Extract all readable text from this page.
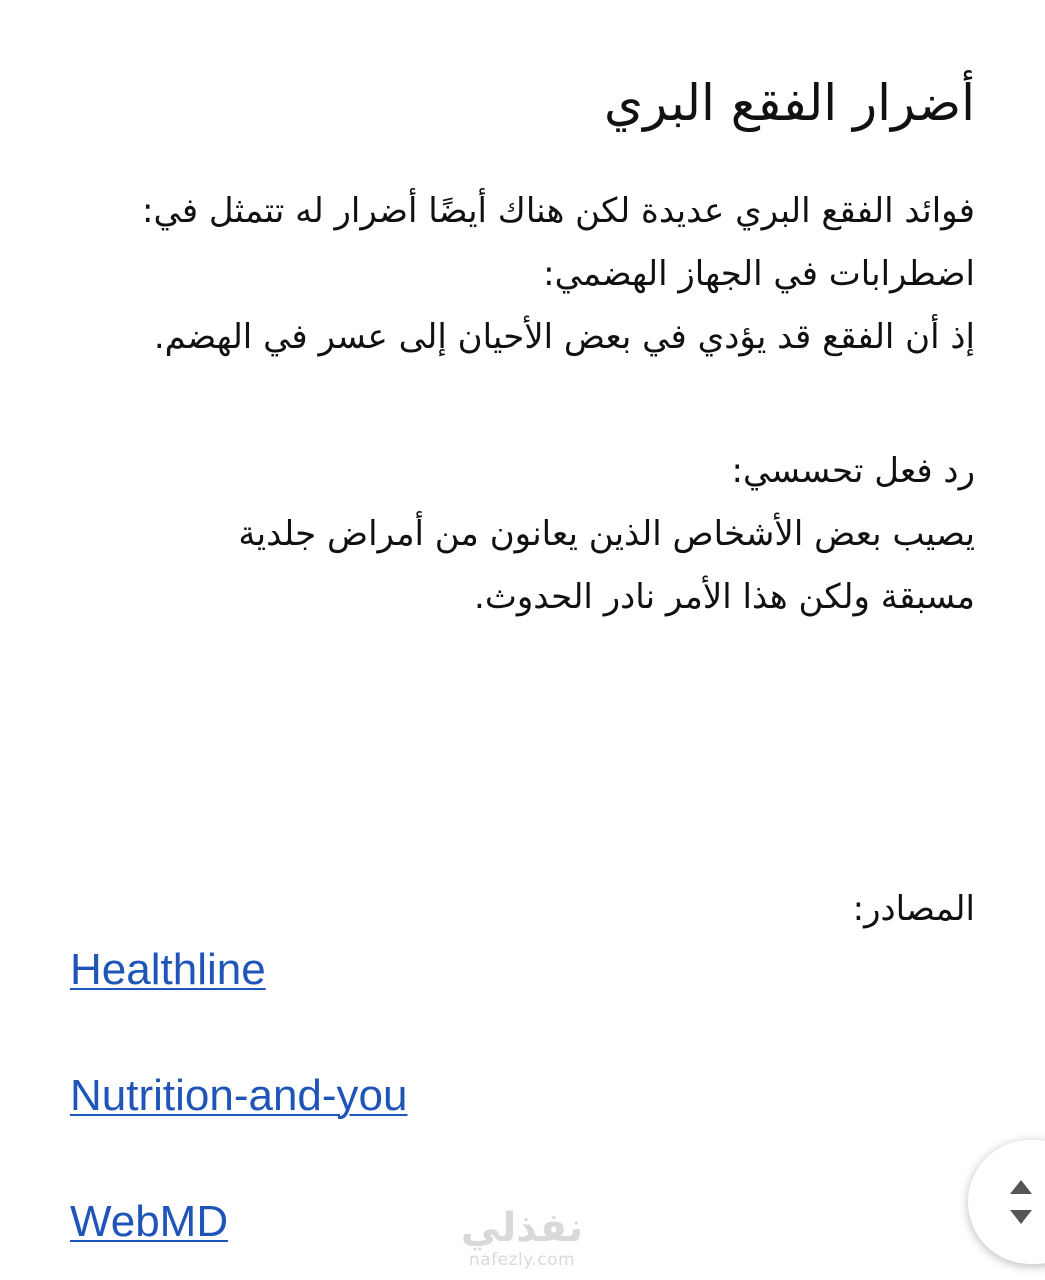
أضرار الفقع البري

فوائد الفقع البري عديدة لكن هناك أيضًا أضرار له تتمثل في:
اضطرابات في الجهاز الهضمي:
إذ أن الفقع قد يؤدي في بعض الأحيان إلى عسر في الهضم.

رد فعل تحسسي:
يصيب بعض الأشخاص الذين يعانون من أمراض جلدية
مسبقة ولكن هذا الأمر نادر الحدوث.

المصادر:

Healthline
Nutrition-and-you
WebMD	نفذلي
nafezly.com
